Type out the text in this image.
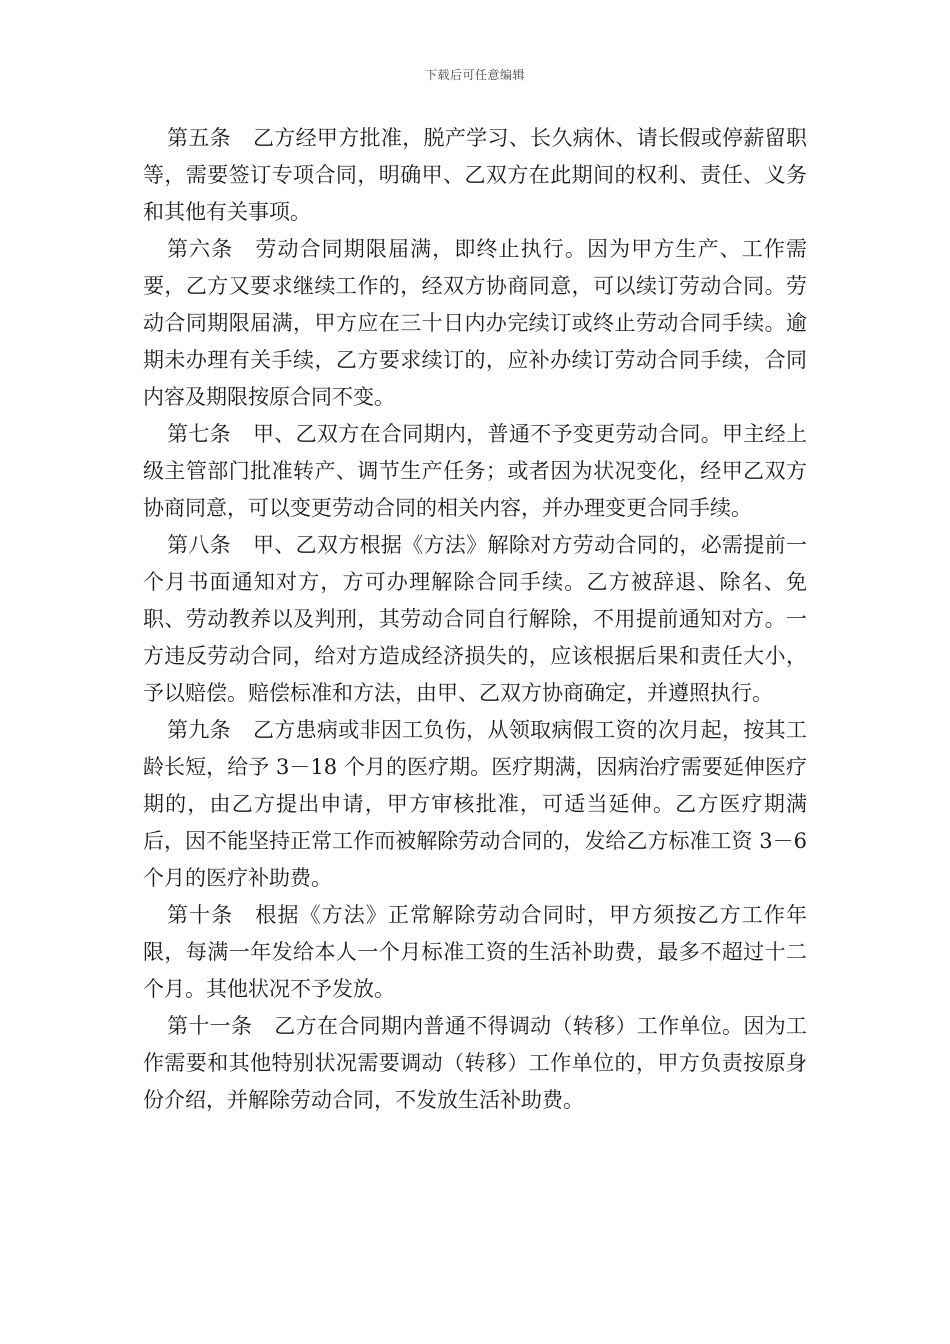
下载后可任意编辑

第五条 乙方经甲方批准，脱产学习、长久病休、请长假或停薪留职等，需要签订专项合同，明确甲、乙双方在此期间的权利、责任、义务和其他有关事项。

第六条 劳动合同期限届满，即终止执行。因为甲方生产、工作需要，乙方又要求继续工作的，经双方协商同意，可以续订劳动合同。劳动合同期限届满，甲方应在三十日内办完续订或终止劳动合同手续。逾期未办理有关手续，乙方要求续订的，应补办续订劳动合同手续，合同内容及期限按原合同不变。

第七条 甲、乙双方在合同期内，普通不予变更劳动合同。甲主经上级主管部门批准转产、调节生产任务；或者因为状况变化，经甲乙双方协商同意，可以变更劳动合同的相关内容，并办理变更合同手续。

第八条 甲、乙双方根据《方法》解除对方劳动合同的，必需提前一个月书面通知对方，方可办理解除合同手续。乙方被辞退、除名、免职、劳动教养以及判刑，其劳动合同自行解除，不用提前通知对方。一方违反劳动合同，给对方造成经济损失的，应该根据后果和责任大小，予以赔偿。赔偿标准和方法，由甲、乙双方协商确定，并遵照执行。

第九条 乙方患病或非因工负伤，从领取病假工资的次月起，按其工龄长短，给予 3－18 个月的医疗期。医疗期满，因病治疗需要延伸医疗期的，由乙方提出申请，甲方审核批准，可适当延伸。乙方医疗期满后，因不能坚持正常工作而被解除劳动合同的，发给乙方标准工资 3－6 个月的医疗补助费。

第十条 根据《方法》正常解除劳动合同时，甲方须按乙方工作年限，每满一年发给本人一个月标准工资的生活补助费，最多不超过十二个月。其他状况不予发放。

第十一条 乙方在合同期内普通不得调动（转移）工作单位。因为工作需要和其他特别状况需要调动（转移）工作单位的，甲方负责按原身份介绍，并解除劳动合同，不发放生活补助费。
